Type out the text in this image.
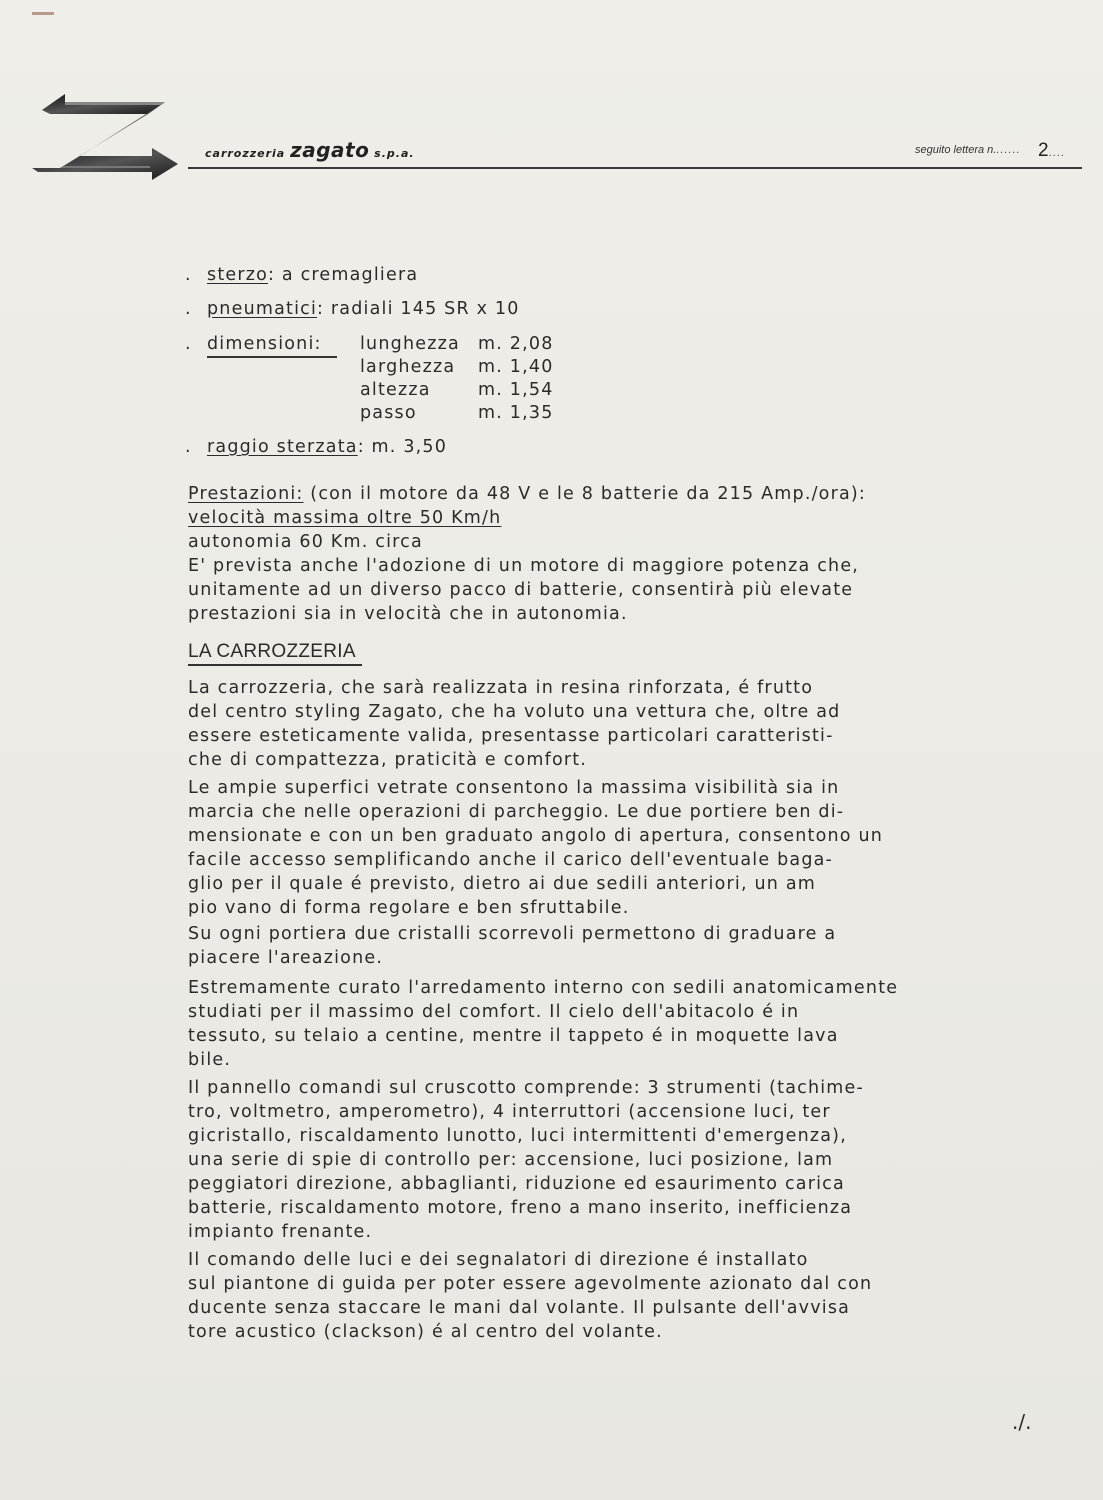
carrozzeria zagato s.p.a.	seguito lettera n....... 2....
. sterzo: a cremagliera
. pneumatici: radiali 145 SR x 10
. dimensioni: lunghezza	m. 2,08
larghezza	m. 1,40
altezza	m. 1,54
passo	m. 1,35
. raggio sterzata: m. 3,50
Prestazioni: (con il motore da 48 V e le 8 batterie da 215 Amp./ora):
velocità massima oltre 50 Km/h
autonomia 60 Km. circa
E' prevista anche l'adozione di un motore di maggiore potenza che,
unitamente ad un diverso pacco di batterie, consentirà più elevate
prestazioni sia in velocità che in autonomia.
LA CARROZZERIA
La carrozzeria, che sarà realizzata in resina rinforzata, é frutto
del centro styling Zagato, che ha voluto una vettura che, oltre ad
essere esteticamente valida, presentasse particolari caratteristi-
che di compattezza, praticità e comfort.
Le ampie superfici vetrate consentono la massima visibilità sia in
marcia che nelle operazioni di parcheggio. Le due portiere ben di-
mensionate e con un ben graduato angolo di apertura, consentono un
facile accesso semplificando anche il carico dell'eventuale baga-
glio per il quale é previsto, dietro ai due sedili anteriori, un am
pio vano di forma regolare e ben sfruttabile.
Su ogni portiera due cristalli scorrevoli permettono di graduare a
piacere l'areazione.
Estremamente curato l'arredamento interno con sedili anatomicamente
studiati per il massimo del comfort. Il cielo dell'abitacolo é in
tessuto, su telaio a centine, mentre il tappeto é in moquette lava
bile.
Il pannello comandi sul cruscotto comprende: 3 strumenti (tachime-
tro, voltmetro, amperometro), 4 interruttori (accensione luci, ter
gicristallo, riscaldamento lunotto, luci intermittenti d'emergenza),
una serie di spie di controllo per: accensione, luci posizione, lam
peggiatori direzione, abbaglianti, riduzione ed esaurimento carica
batterie, riscaldamento motore, freno a mano inserito, inefficienza
impianto frenante.
Il comando delle luci e dei segnalatori di direzione é installato
sul piantone di guida per poter essere agevolmente azionato dal con
ducente senza staccare le mani dal volante. Il pulsante dell'avvisa
tore acustico (clackson) é al centro del volante.
./.
